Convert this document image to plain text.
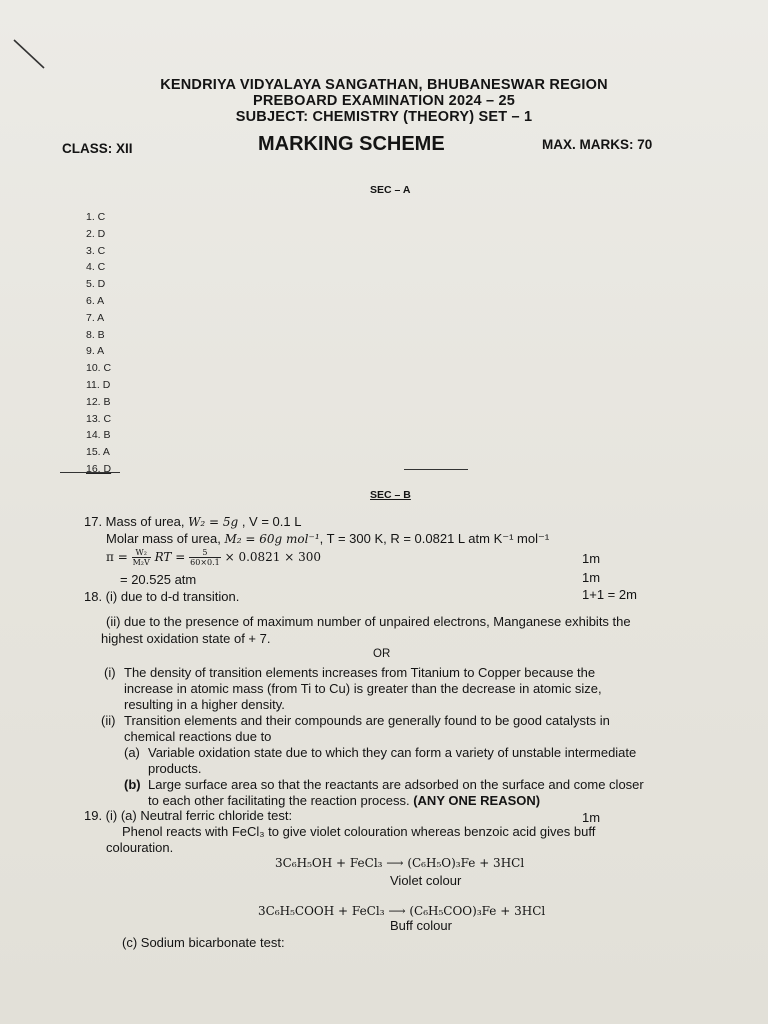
KENDRIYA VIDYALAYA SANGATHAN, BHUBANESWAR REGION
PREBOARD EXAMINATION 2024 – 25
SUBJECT: CHEMISTRY (THEORY) SET – 1
CLASS: XII	MARKING SCHEME	MAX. MARKS: 70
SEC – A
1. C
2. D
3. C
4. C
5. D
6. A
7. A
8. B
9. A
10. C
11. D
12. B
13. C
14. B
15. A
16. D
SEC – B
17. Mass of urea, W₂ = 5g , V = 0.1 L
Molar mass of urea, M₂ = 60g mol⁻¹, T = 300 K, R = 0.0821 L atm K⁻¹ mol⁻¹
$\pi = \frac{\text{W₂}}{\text{M₂V}}$ RT = $\frac{5}{60\times 0.1} \times 0.0821 \times 300$	1m
= 20.525 atm	1m
18. (i) due to d-d transition.	1+1 = 2m
(ii) due to the presence of maximum number of unpaired electrons, Manganese exhibits the
highest oxidation state of + 7.
OR
(i) The density of transition elements increases from Titanium to Copper because the
increase in atomic mass (from Ti to Cu) is greater than the decrease in atomic size,
resulting in a higher density.
(ii) Transition elements and their compounds are generally found to be good catalysts in
chemical reactions due to
(a) Variable oxidation state due to which they can form a variety of unstable intermediate
products.
(b) Large surface area so that the reactants are adsorbed on the surface and come closer
to each other facilitating the reaction process. (ANY ONE REASON)
19. (i) (a) Neutral ferric chloride test:	1m
Phenol reacts with FeCl₃ to give violet colouration whereas benzoic acid gives buff
colouration.
3C₆H₅OH + FeCl₃ ⟶ (C₆H₅O)₃Fe + 3HCl
Violet colour
3C₆H₅COOH + FeCl₃ ⟶ (C₆H₅COO)₃Fe + 3HCl
Buff colour
(c) Sodium bicarbonate test:
